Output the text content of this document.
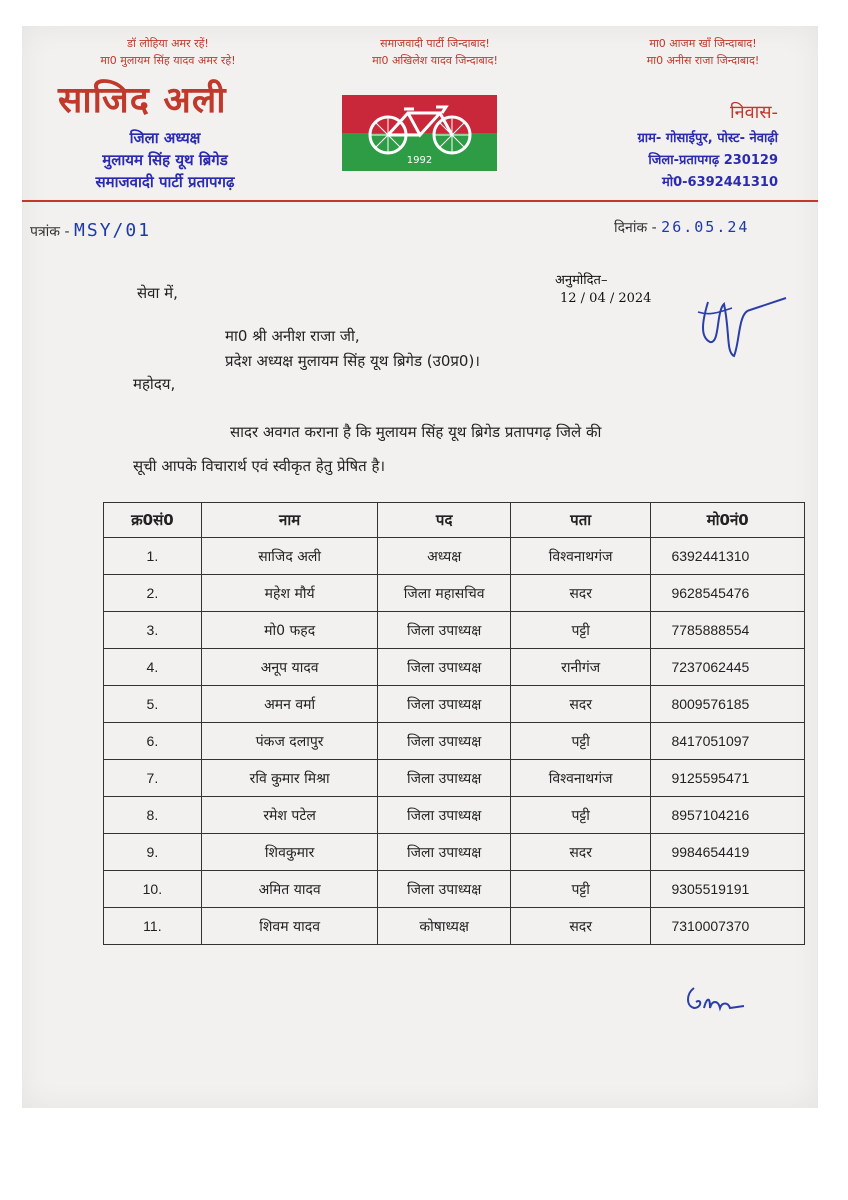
डॉ लोहिया अमर रहें!
मा0 मुलायम सिंह यादव अमर रहे!
समाजवादी पार्टी जिन्दाबाद!
मा0 अखिलेश यादव जिन्दाबाद!
मा0 आजम खाँ जिन्दाबाद!
मा0 अनीस राजा जिन्दाबाद!
साजिद अली
जिला अध्यक्ष
मुलायम सिंह यूथ ब्रिगेड
समाजवादी पार्टी प्रतापगढ़
1992
निवास-
ग्राम- गोसाईपुर, पोस्ट- नेवाढ़ी
जिला-प्रतापगढ़ 230129
मो0-6392441310
पत्रांक - MSY/01	दिनांक - 26.05.24
अनुमोदित–
12 / 04 / 2024
सेवा में,
मा0 श्री अनीश राजा जी,
प्रदेश अध्यक्ष मुलायम सिंह यूथ ब्रिगेड (उ0प्र0)।
महोदय,
सादर अवगत कराना है कि मुलायम सिंह यूथ ब्रिगेड प्रतापगढ़ जिले की
सूची आपके विचारार्थ एवं स्वीकृत हेतु प्रेषित है।
क्र0सं0	नाम	पद	पता	मो0नं0
1.	साजिद अली	अध्यक्ष	विश्वनाथगंज	6392441310
2.	महेश मौर्य	जिला महासचिव	सदर	9628545476
3.	मो0 फहद	जिला उपाध्यक्ष	पट्टी	7785888554
4.	अनूप यादव	जिला उपाध्यक्ष	रानीगंज	7237062445
5.	अमन वर्मा	जिला उपाध्यक्ष	सदर	8009576185
6.	पंकज दलापुर	जिला उपाध्यक्ष	पट्टी	8417051097
7.	रवि कुमार मिश्रा	जिला उपाध्यक्ष	विश्वनाथगंज	9125595471
8.	रमेश पटेल	जिला उपाध्यक्ष	पट्टी	8957104216
9.	शिवकुमार	जिला उपाध्यक्ष	सदर	9984654419
10.	अमित यादव	जिला उपाध्यक्ष	पट्टी	9305519191
11.	शिवम यादव	कोषाध्यक्ष	सदर	7310007370
